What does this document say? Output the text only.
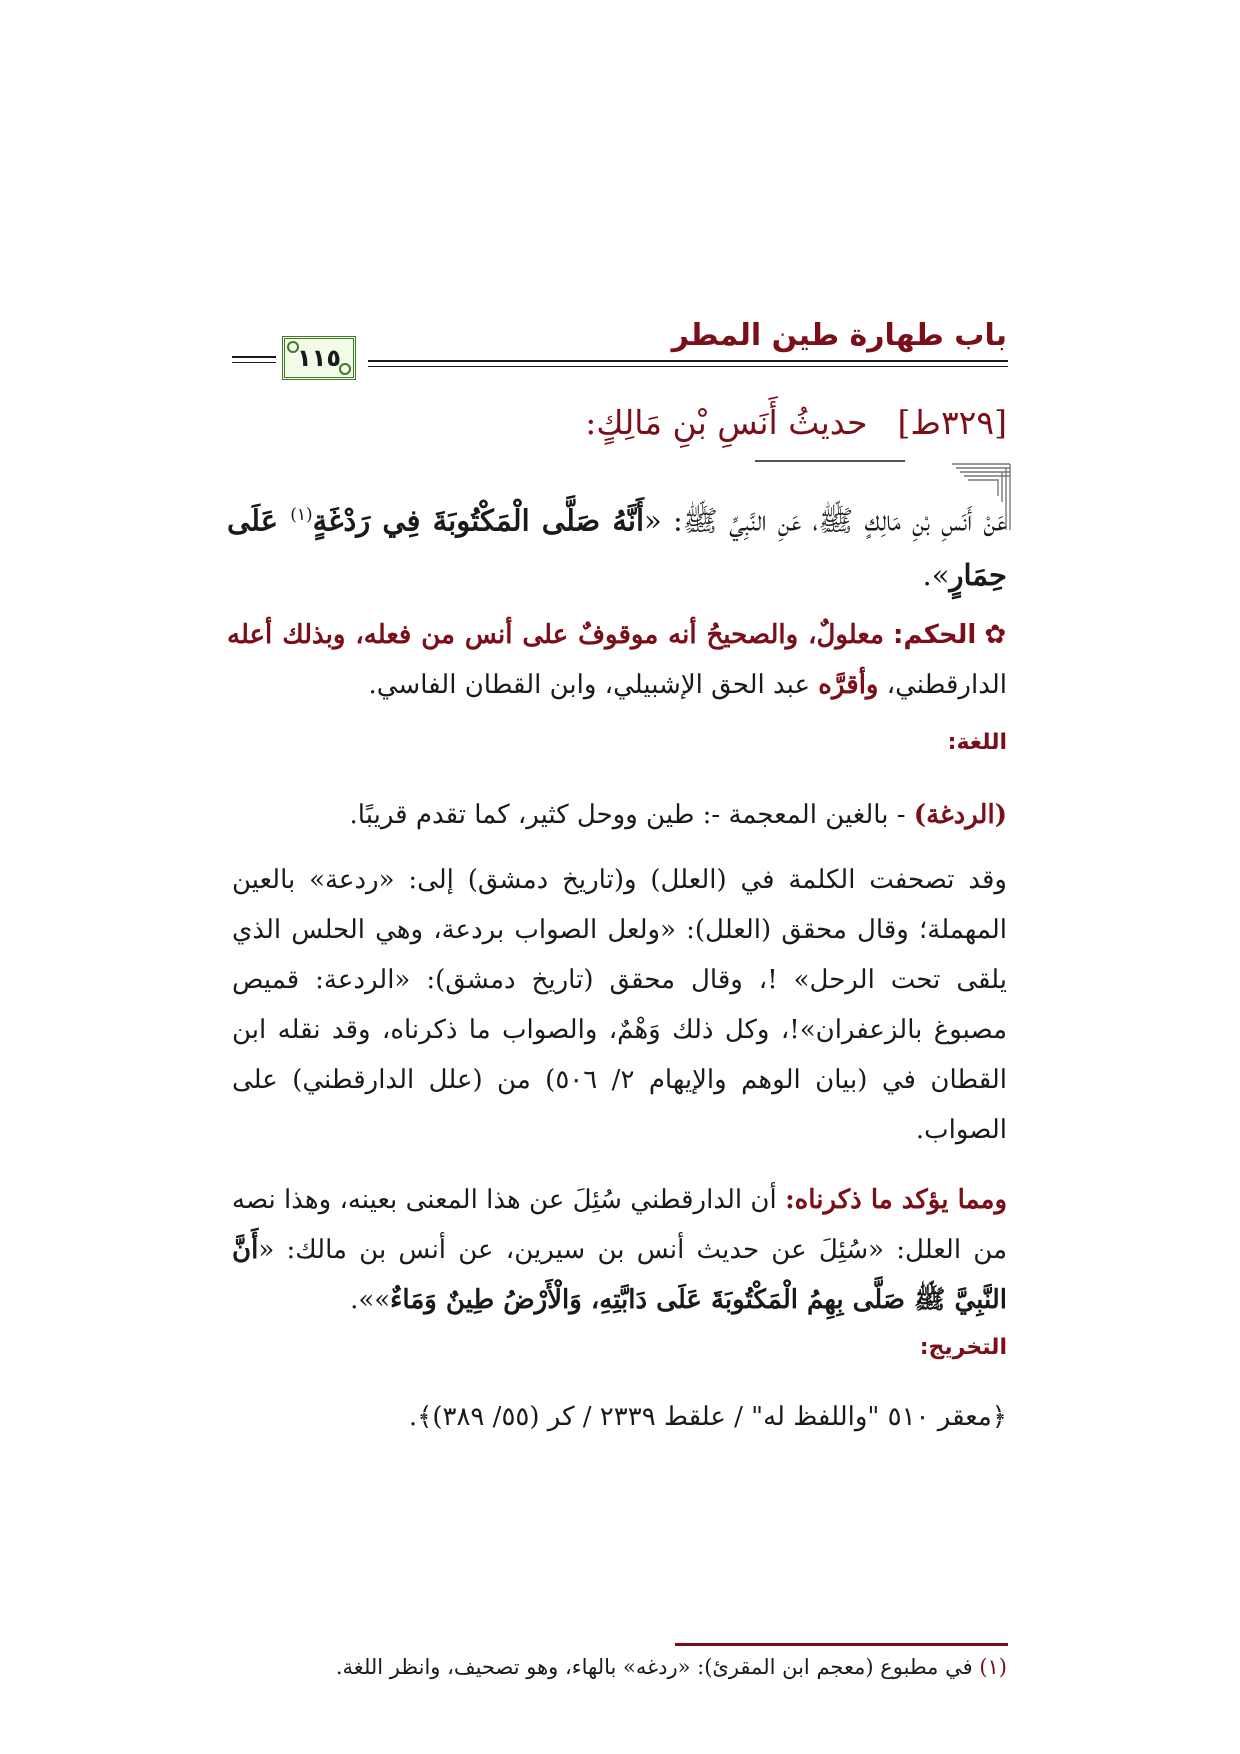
باب طهارة طين المطر
١١٥
[٣٢٩ط]حديثُ أَنَسِ بْنِ مَالِكٍ:
عَنْ أَنَسِ بْنِ مَالِكٍ ﷺ، عَنِ النَّبِيِّ ﷺ: «أَنَّهُ صَلَّى الْمَكْتُوبَةَ فِي رَدْغَةٍ$^{(١)}$ عَلَى حِمَارٍ».
✿الحكم: معلولٌ، والصحيحُ أنه موقوفٌ على أنس من فعله، وبذلك أعله الدارقطني، وأقرَّه عبد الحق الإشبيلي، وابن القطان الفاسي.
اللغة:
(الردغة) - بالغين المعجمة -: طين ووحل كثير، كما تقدم قريبًا.
وقد تصحفت الكلمة في (العلل) و(تاريخ دمشق) إلى: «ردعة» بالعين المهملة؛ وقال محقق (العلل): «ولعل الصواب بردعة، وهي الحلس الذي يلقى تحت الرحل» !، وقال محقق (تاريخ دمشق): «الردعة: قميص مصبوغ بالزعفران»!، وكل ذلك وَهْمٌ، والصواب ما ذكرناه، وقد نقله ابن القطان في (بيان الوهم والإيهام ٢/ ٥٠٦) من (علل الدارقطني) على الصواب.
ومما يؤكد ما ذكرناه: أن الدارقطني سُئِلَ عن هذا المعنى بعينه، وهذا نصه من العلل: «سُئِلَ عن حديث أنس بن سيرين، عن أنس بن مالك: «أَنَّ النَّبِيَّ ﷺ صَلَّى بِهِمُ الْمَكْتُوبَةَ عَلَى دَابَّتِهِ، وَالْأَرْضُ طِينٌ وَمَاءٌ»».
التخريج:
﴿معقر ٥١٠ "واللفظ له" / علقط ٢٣٣٩ / كر (٥٥/ ٣٨٩)﴾.
(١) في مطبوع (معجم ابن المقرئ): «ردغه» بالهاء، وهو تصحيف، وانظر اللغة.
